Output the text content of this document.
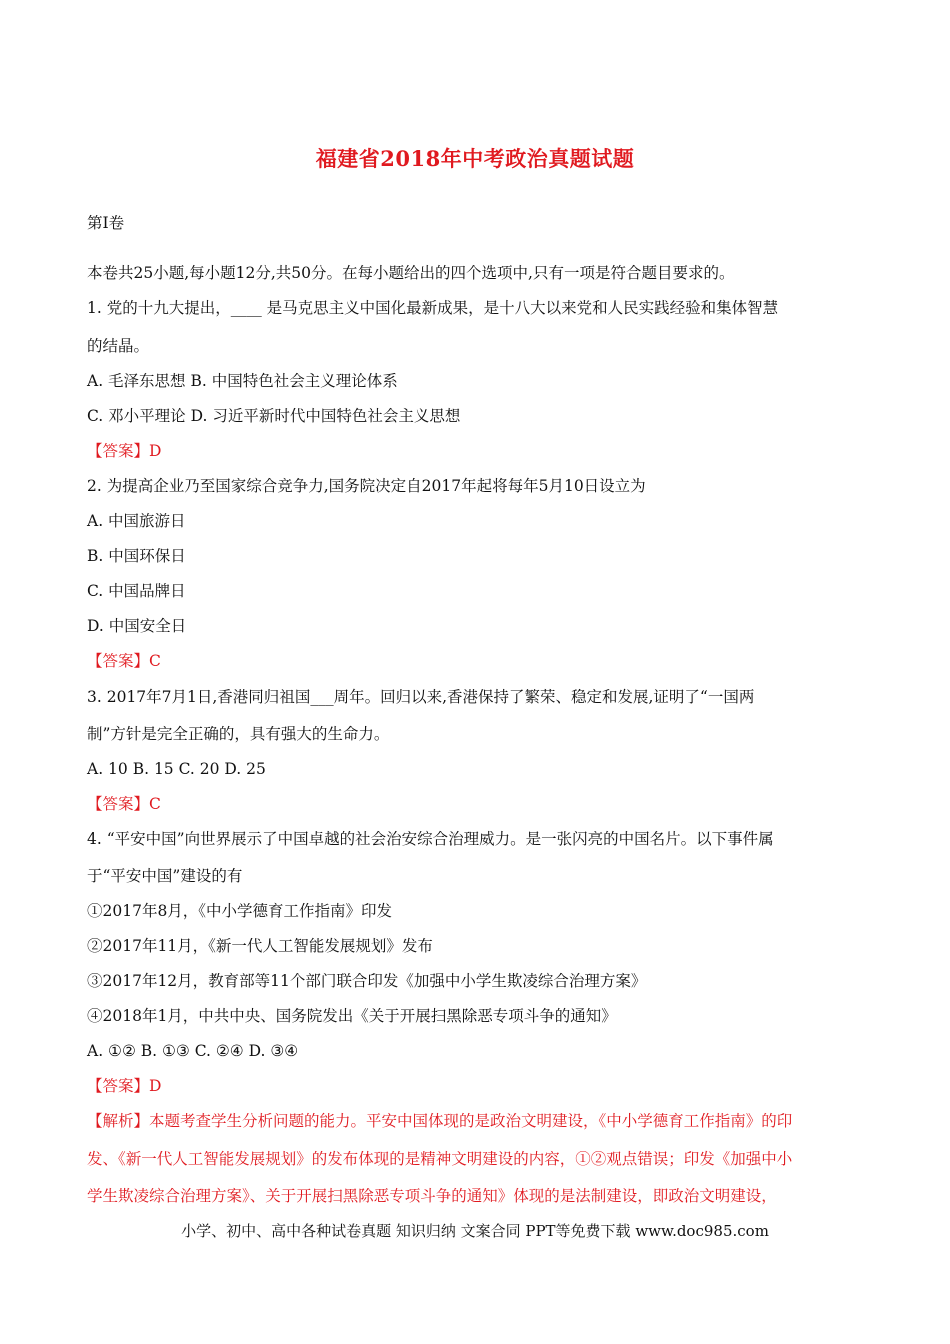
福建省2018年中考政治真题试题
第I卷
本卷共25小题,每小题12分,共50分。在每小题给出的四个选项中,只有一项是符合题目要求的。
1. 党的十九大提出，____ 是马克思主义中国化最新成果，是十八大以来党和人民实践经验和集体智慧
的结晶。
A. 毛泽东思想 B. 中国特色社会主义理论体系
C. 邓小平理论 D. 习近平新时代中国特色社会主义思想
【答案】D
2. 为提高企业乃至国家综合竞争力,国务院决定自2017年起将每年5月10日设立为
A. 中国旅游日
B. 中国环保日
C. 中国品牌日
D. 中国安全日
【答案】C
3. 2017年7月1日,香港同归祖国___周年。回归以来,香港保持了繁荣、稳定和发展,证明了“一国两
制”方针是完全正确的，具有强大的生命力。
A. 10 B. 15 C. 20 D. 25
【答案】C
4. “平安中国”向世界展示了中国卓越的社会治安综合治理威力。是一张闪亮的中国名片。以下事件属
于“平安中国”建设的有
①2017年8月，《中小学德育工作指南》印发
②2017年11月，《新一代人工智能发展规划》发布
③2017年12月，教育部等11个部门联合印发《加强中小学生欺凌综合治理方案》
④2018年1月，中共中央、国务院发出《关于开展扫黑除恶专项斗争的通知》
A. ①② B. ①③ C. ②④ D. ③④
【答案】D
【解析】本题考查学生分析问题的能力。平安中国体现的是政治文明建设，《中小学德育工作指南》的印
发、《新一代人工智能发展规划》的发布体现的是精神文明建设的内容，①②观点错误；印发《加强中小
学生欺凌综合治理方案》、关于开展扫黑除恶专项斗争的通知》体现的是法制建设，即政治文明建设，
小学、初中、高中各种试卷真题 知识归纳 文案合同 PPT等免费下载 www.doc985.com
